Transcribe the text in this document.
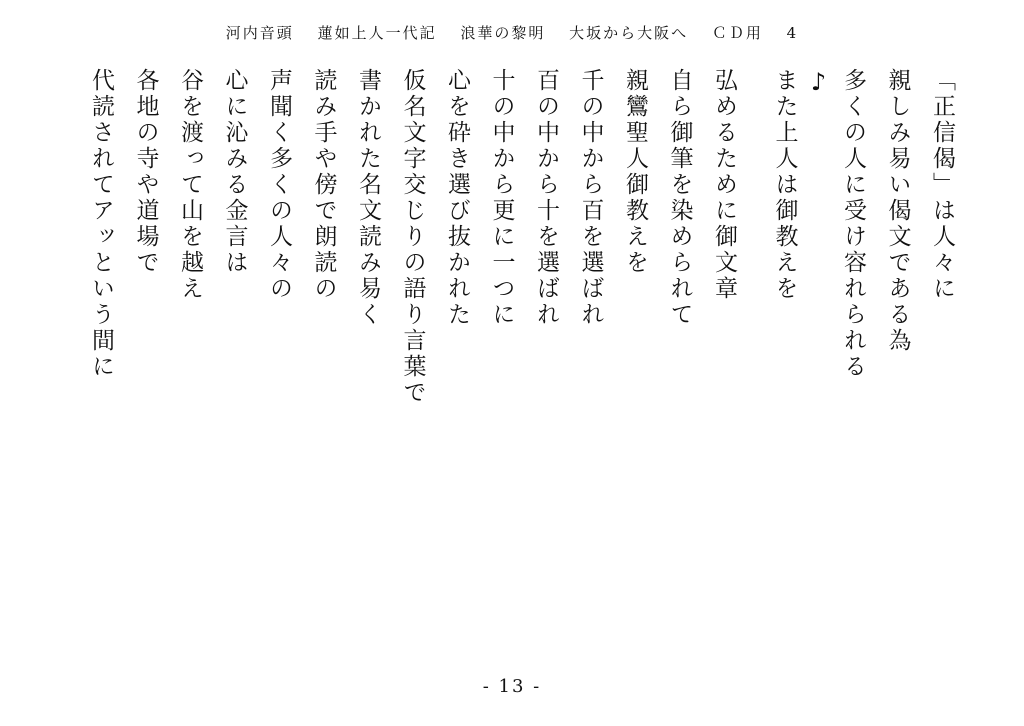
河内音頭　 蓮如上人一代記　 浪華の黎明　 大坂から大阪へ　 ＣＤ用　 4
「正信偈」は人々に
親しみ易い偈文である為
多くの人に受け容れられる
♪
また上人は御教えを
弘めるために御文章
自ら御筆を染められて
親鸞聖人御教えを
千の中から百を選ばれ
百の中から十を選ばれ
十の中から更に一つに
心を砕き選び抜かれた
仮名文字交じりの語り言葉で
書かれた名文読み易く
読み手や傍で朗読の
声聞く多くの人々の
心に沁みる金言は
谷を渡って山を越え
各地の寺や道場で
代読されてアッという間に
- 13 -
